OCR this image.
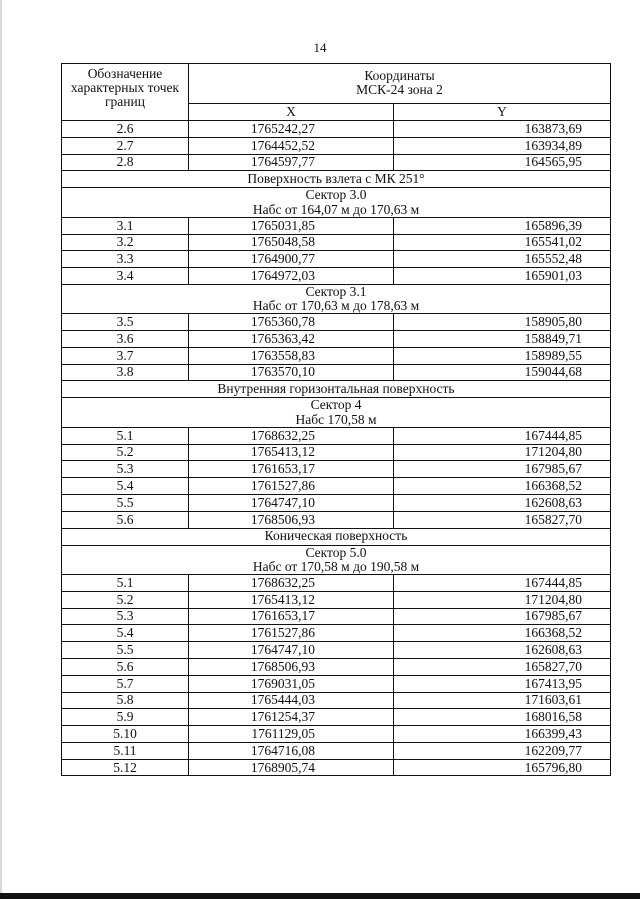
14
Обозначение характерных точек границ	Координаты
МСК-24 зона 2	
	X	Y
2.6	1765242,27	163873,69
2.7	1764452,52	163934,89
2.8	1764597,77	164565,95
Поверхность взлета с МК 251°		
Сектор 3.0
Набс от 164,07 м до 170,63 м		
3.1	1765031,85	165896,39
3.2	1765048,58	165541,02
3.3	1764900,77	165552,48
3.4	1764972,03	165901,03
Сектор 3.1
Набс от 170,63 м до 178,63 м		
3.5	1765360,78	158905,80
3.6	1765363,42	158849,71
3.7	1763558,83	158989,55
3.8	1763570,10	159044,68
Внутренняя горизонтальная поверхность		
Сектор 4
Набс 170,58 м		
5.1	1768632,25	167444,85
5.2	1765413,12	171204,80
5.3	1761653,17	167985,67
5.4	1761527,86	166368,52
5.5	1764747,10	162608,63
5.6	1768506,93	165827,70
Коническая поверхность		
Сектор 5.0
Набс от 170,58 м до 190,58 м		
5.1	1768632,25	167444,85
5.2	1765413,12	171204,80
5.3	1761653,17	167985,67
5.4	1761527,86	166368,52
5.5	1764747,10	162608,63
5.6	1768506,93	165827,70
5.7	1769031,05	167413,95
5.8	1765444,03	171603,61
5.9	1761254,37	168016,58
5.10	1761129,05	166399,43
5.11	1764716,08	162209,77
5.12	1768905,74	165796,80
